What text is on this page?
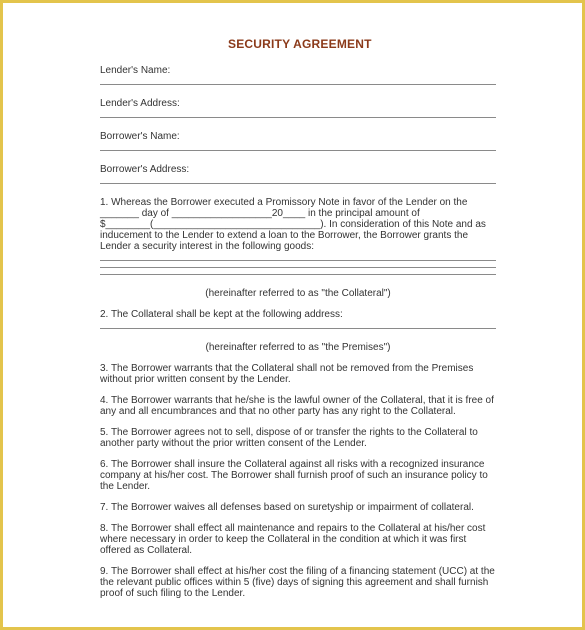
SECURITY AGREEMENT
Lender's Name:
Lender's Address:
Borrower's Name:
Borrower's Address:
1. Whereas the Borrower executed a Promissory Note in favor of the Lender on the
_______ day of __________________20____ in the principal amount of
$________(______________________________). In consideration of this Note and as
inducement to the Lender to extend a loan to the Borrower, the Borrower grants the
Lender a security interest in the following goods:
(hereinafter referred to as "the Collateral")
2. The Collateral shall be kept at the following address:
(hereinafter referred to as "the Premises")
3. The Borrower warrants that the Collateral shall not be removed from the Premises
without prior written consent by the Lender.
4. The Borrower warrants that he/she is the lawful owner of the Collateral, that it is free of
any and all encumbrances and that no other party has any right to the Collateral.
5. The Borrower agrees not to sell, dispose of or transfer the rights to the Collateral to
another party without the prior written consent of the Lender.
6. The Borrower shall insure the Collateral against all risks with a recognized insurance
company at his/her cost. The Borrower shall furnish proof of such an insurance policy to
the Lender.
7. The Borrower waives all defenses based on suretyship or impairment of collateral.
8. The Borrower shall effect all maintenance and repairs to the Collateral at his/her cost
where necessary in order to keep the Collateral in the condition at which it was first
offered as Collateral.
9. The Borrower shall effect at his/her cost the filing of a financing statement (UCC) at the
the relevant public offices within 5 (five) days of signing this agreement and shall furnish
proof of such filing to the Lender.
